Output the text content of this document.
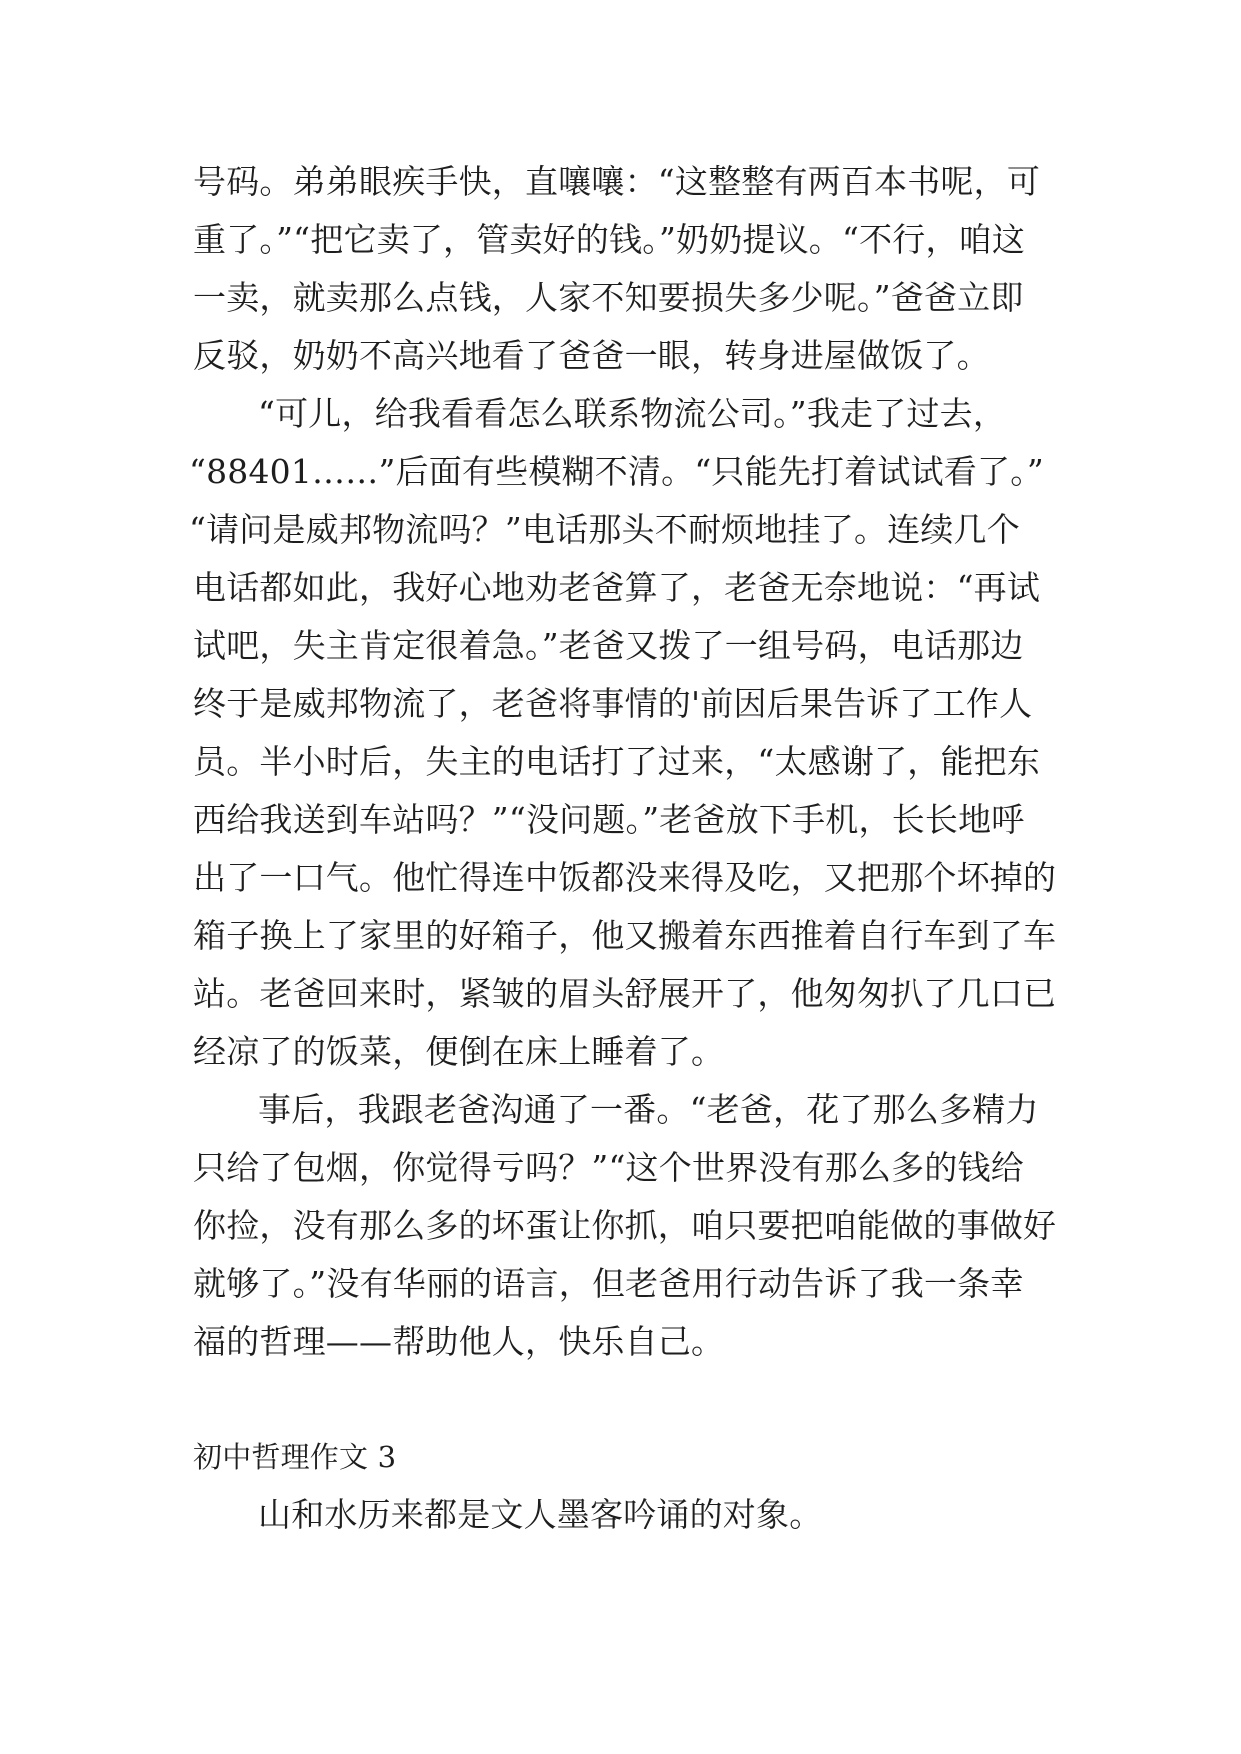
号码。弟弟眼疾手快，直嚷嚷：“这整整有两百本书呢，可
重了。”“把它卖了，管卖好的钱。”奶奶提议。“不行，咱这
一卖，就卖那么点钱，人家不知要损失多少呢。”爸爸立即
反驳，奶奶不高兴地看了爸爸一眼，转身进屋做饭了。
“可儿，给我看看怎么联系物流公司。”我走了过去，
“88401……”后面有些模糊不清。“只能先打着试试看了。”
“请问是威邦物流吗？”电话那头不耐烦地挂了。连续几个
电话都如此，我好心地劝老爸算了，老爸无奈地说：“再试
试吧，失主肯定很着急。”老爸又拨了一组号码，电话那边
终于是威邦物流了，老爸将事情的'前因后果告诉了工作人
员。半小时后，失主的电话打了过来，“太感谢了，能把东
西给我送到车站吗？”“没问题。”老爸放下手机，长长地呼
出了一口气。他忙得连中饭都没来得及吃，又把那个坏掉的
箱子换上了家里的好箱子，他又搬着东西推着自行车到了车
站。老爸回来时，紧皱的眉头舒展开了，他匆匆扒了几口已
经凉了的饭菜，便倒在床上睡着了。
事后，我跟老爸沟通了一番。“老爸，花了那么多精力
只给了包烟，你觉得亏吗？”“这个世界没有那么多的钱给
你捡，没有那么多的坏蛋让你抓，咱只要把咱能做的事做好
就够了。”没有华丽的语言，但老爸用行动告诉了我一条幸
福的哲理——帮助他人，快乐自己。
初中哲理作文 3
山和水历来都是文人墨客吟诵的对象。
